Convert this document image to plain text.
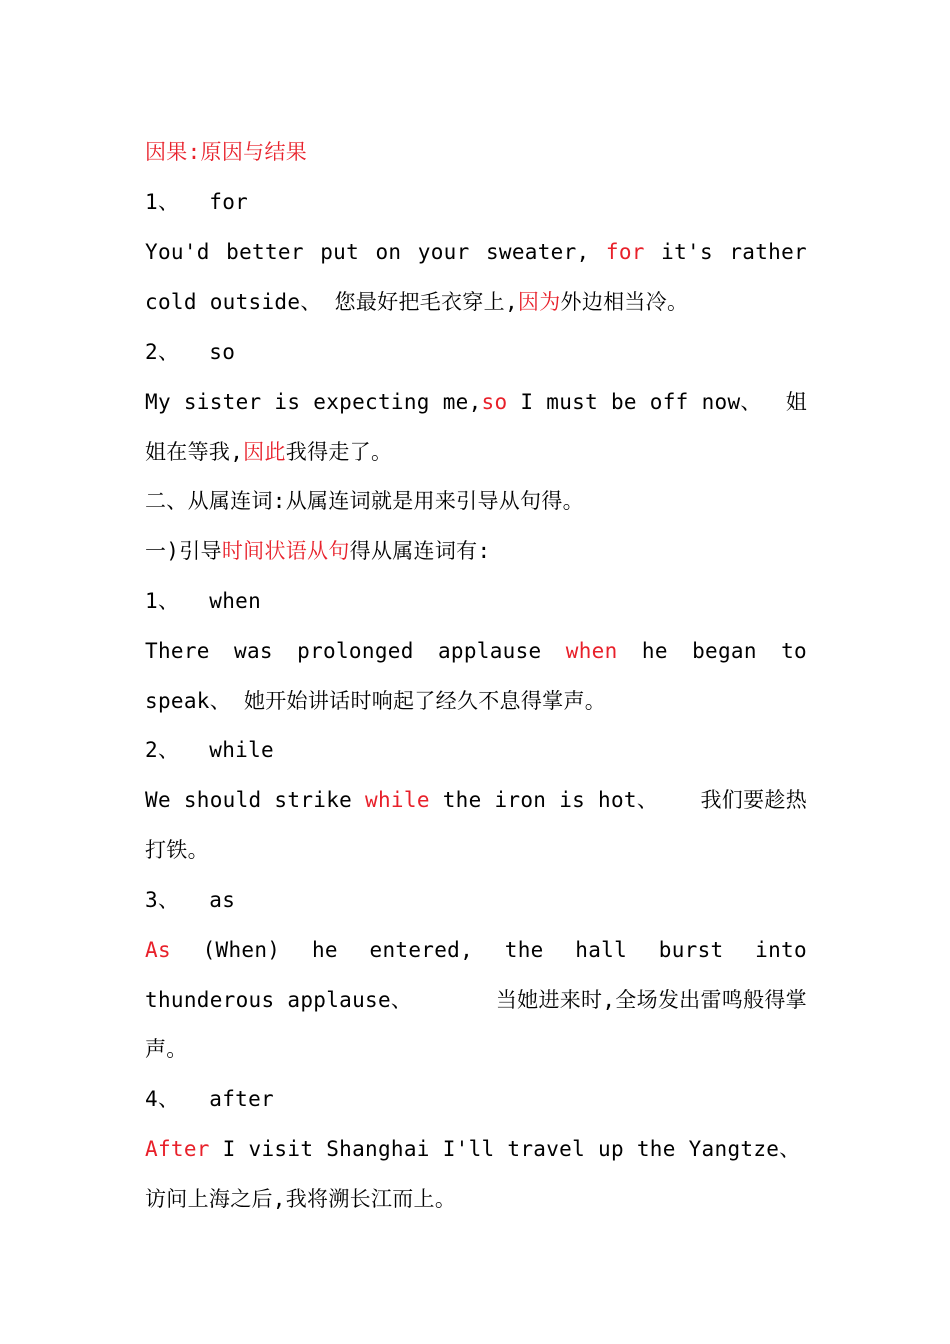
因果:原因与结果
1、 for
You'd better put on your sweater, for it's rather
cold outside、 您最好把毛衣穿上,因为外边相当冷。
2、 so
My sister is expecting me,so I must be off now、 姐
姐在等我,因此我得走了。
二、从属连词:从属连词就是用来引导从句得。
一)引导时间状语从句得从属连词有:
1、 when
There was prolonged applause when he began to
speak、 她开始讲话时响起了经久不息得掌声。
2、 while
We should strike while the iron is hot、 我们要趁热
打铁。
3、 as
As (When) he entered, the hall burst into
thunderous applause、	当她进来时,全场发出雷鸣般得掌
声。
4、 after
After I visit Shanghai I'll travel up the Yangtze、
访问上海之后,我将溯长江而上。
